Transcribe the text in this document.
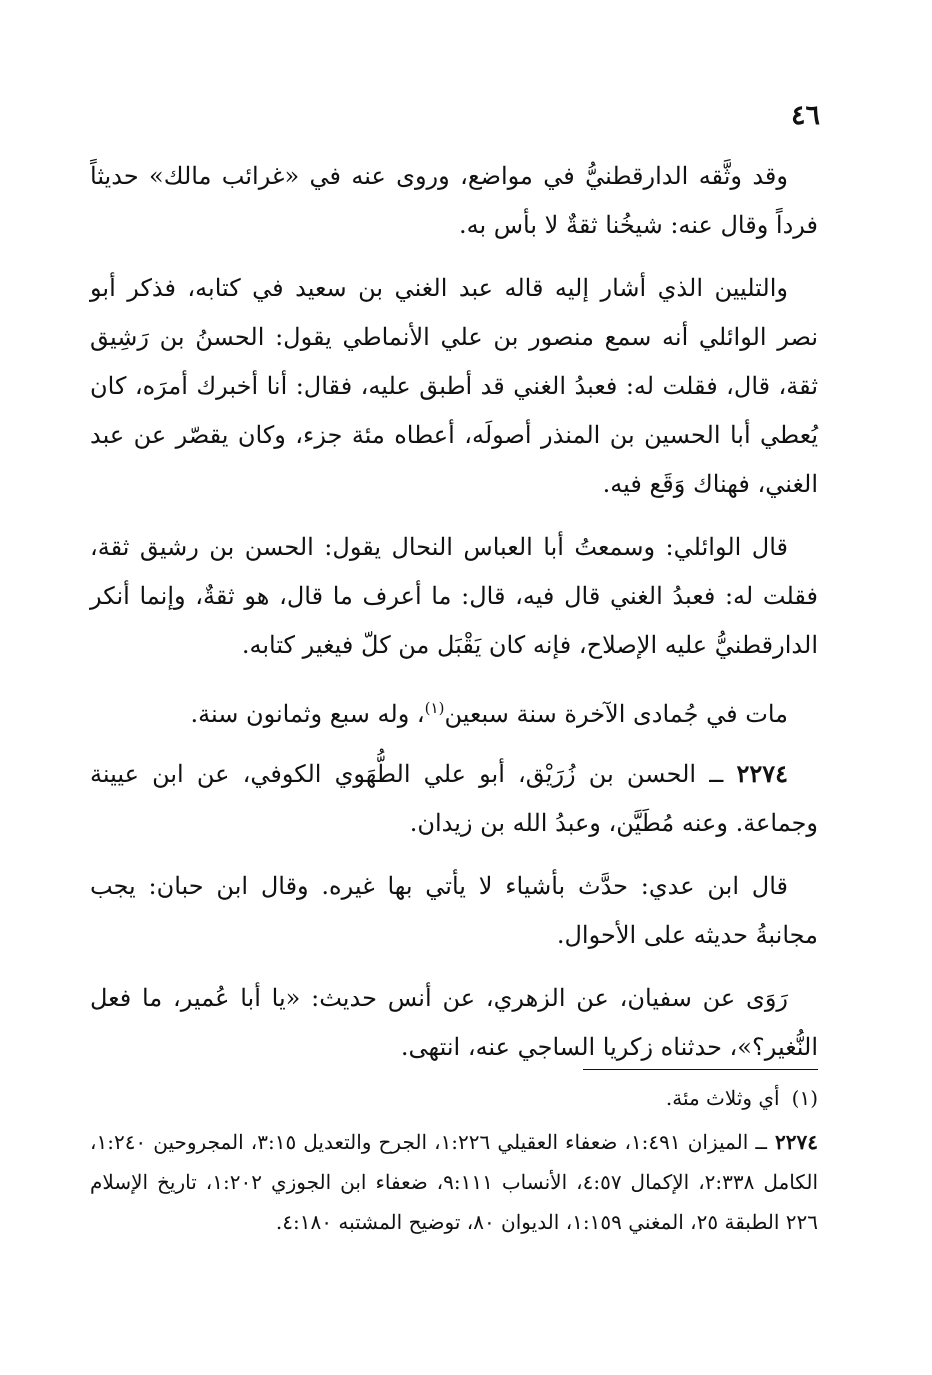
٤٦

وقد وثَّقه الدارقطنيُّ في مواضع، وروى عنه في «غرائب مالك» حديثاً فرداً وقال عنه: شيخُنا ثقةٌ لا بأس به.

والتليين الذي أشار إليه قاله عبد الغني بن سعيد في كتابه، فذكر أبو نصر الوائلي أنه سمع منصور بن علي الأنماطي يقول: الحسنُ بن رَشِيق ثقة، قال، فقلت له: فعبدُ الغني قد أطبق عليه، فقال: أنا أخبرك أمرَه، كان يُعطي أبا الحسين بن المنذر أصولَه، أعطاه مئة جزء، وكان يقصّر عن عبد الغني، فهناك وَقَع فيه.

قال الوائلي: وسمعتُ أبا العباس النحال يقول: الحسن بن رشيق ثقة، فقلت له: فعبدُ الغني قال فيه، قال: ما أعرف ما قال، هو ثقةٌ، وإنما أنكر الدارقطنيُّ عليه الإصلاح، فإنه كان يَقْبَل من كلّ فيغير كتابه.

مات في جُمادى الآخرة سنة سبعين$^{(١)}$، وله سبع وثمانون سنة.

٢٢٧٤ ــ الحسن بن زُرَيْق، أبو علي الطُّهَوي الكوفي، عن ابن عيينة وجماعة. وعنه مُطَيَّن، وعبدُ الله بن زيدان.

قال ابن عدي: حدَّث بأشياء لا يأتي بها غيره. وقال ابن حبان: يجب مجانبةُ حديثه على الأحوال.

رَوَى عن سفيان، عن الزهري، عن أنس حديث: «يا أبا عُمير، ما فعل النُّغير؟»، حدثناه زكريا الساجي عنه، انتهى.

(١)أي وثلاث مئة.

٢٢٧٤ــ الميزان ١:٤٩١، ضعفاء العقيلي ١:٢٢٦، الجرح والتعديل ٣:١٥، المجروحين ١:٢٤٠، الكامل ٢:٣٣٨، الإكمال ٤:٥٧، الأنساب ٩:١١١، ضعفاء ابن الجوزي ١:٢٠٢، تاريخ الإسلام ٢٢٦ الطبقة ٢٥، المغني ١:١٥٩، الديوان ٨٠، توضيح المشتبه ٤:١٨٠.
